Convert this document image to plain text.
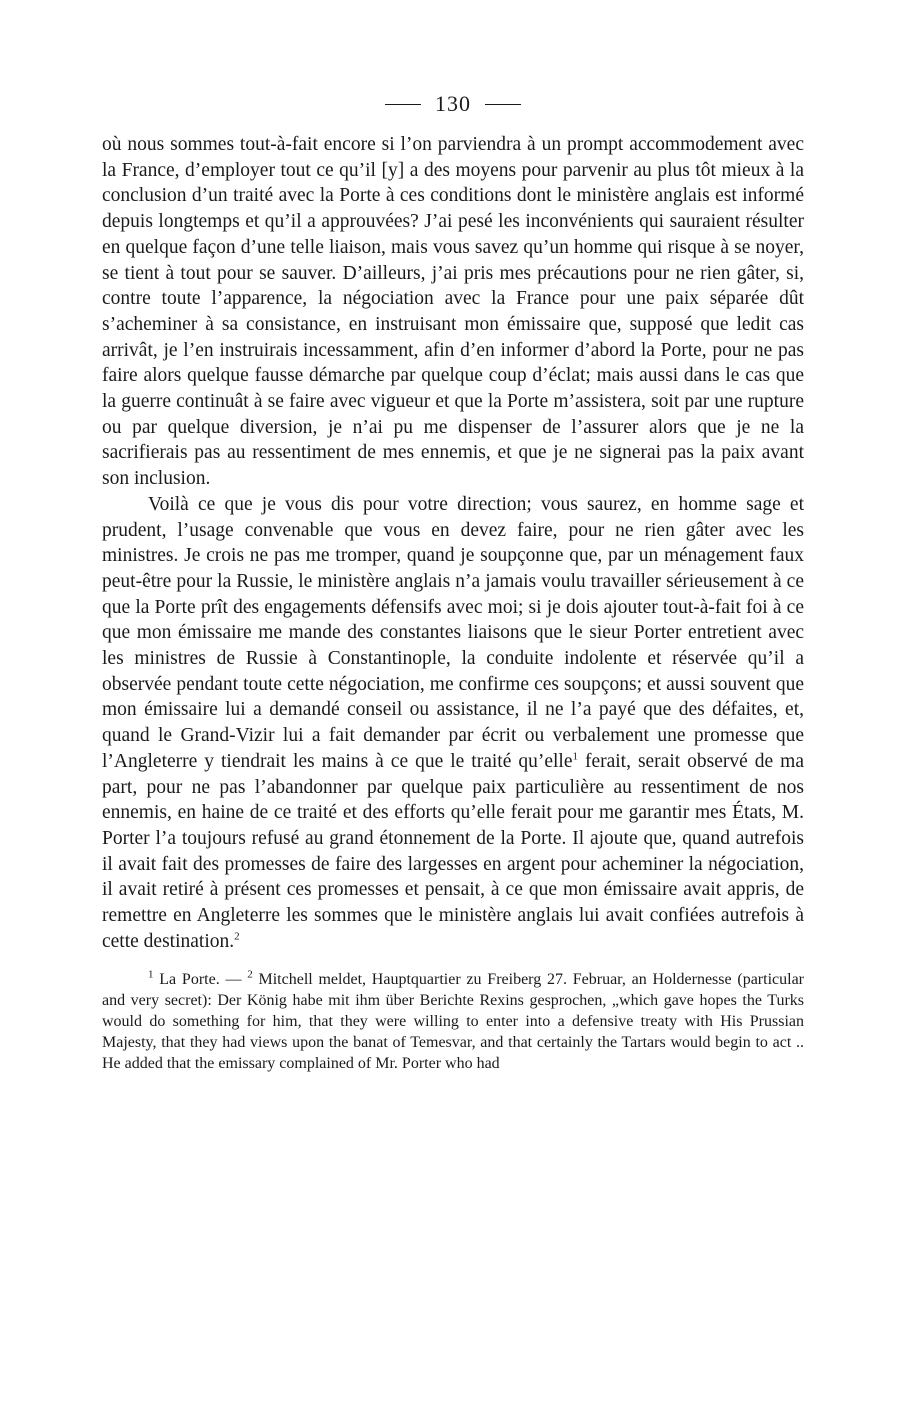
130

où nous sommes tout-à-fait encore si l’on parviendra à un prompt accommodement avec la France, d’employer tout ce qu’il [y] a des moyens pour parvenir au plus tôt mieux à la conclusion d’un traité avec la Porte à ces conditions dont le ministère anglais est informé depuis longtemps et qu’il a approuvées? J’ai pesé les inconvénients qui sauraient résulter en quelque façon d’une telle liaison, mais vous savez qu’un homme qui risque à se noyer, se tient à tout pour se sauver. D’ailleurs, j’ai pris mes précautions pour ne rien gâter, si, contre toute l’apparence, la négociation avec la France pour une paix séparée dût s’acheminer à sa consistance, en instruisant mon émissaire que, supposé que ledit cas arrivât, je l’en instruirais incessamment, afin d’en informer d’abord la Porte, pour ne pas faire alors quelque fausse démarche par quelque coup d’éclat; mais aussi dans le cas que la guerre continuât à se faire avec vigueur et que la Porte m’assistera, soit par une rupture ou par quelque diversion, je n’ai pu me dispenser de l’assurer alors que je ne la sacrifierais pas au ressentiment de mes ennemis, et que je ne signerai pas la paix avant son inclusion.

Voilà ce que je vous dis pour votre direction; vous saurez, en homme sage et prudent, l’usage convenable que vous en devez faire, pour ne rien gâter avec les ministres. Je crois ne pas me tromper, quand je soupçonne que, par un ménagement faux peut-être pour la Russie, le ministère anglais n’a jamais voulu travailler sérieusement à ce que la Porte prît des engagements défensifs avec moi; si je dois ajouter tout-à-fait foi à ce que mon émissaire me mande des constantes liaisons que le sieur Porter entretient avec les ministres de Russie à Constantinople, la conduite indolente et réservée qu’il a observée pendant toute cette négociation, me confirme ces soupçons; et aussi souvent que mon émissaire lui a demandé conseil ou assistance, il ne l’a payé que des défaites, et, quand le Grand-Vizir lui a fait demander par écrit ou verbalement une promesse que l’Angleterre y tiendrait les mains à ce que le traité qu’elle$^1$ ferait, serait observé de ma part, pour ne pas l’abandonner par quelque paix particulière au ressentiment de nos ennemis, en haine de ce traité et des efforts qu’elle ferait pour me garantir mes États, M. Porter l’a toujours refusé au grand étonnement de la Porte. Il ajoute que, quand autrefois il avait fait des promesses de faire des largesses en argent pour acheminer la négociation, il avait retiré à présent ces promesses et pensait, à ce que mon émissaire avait appris, de remettre en Angleterre les sommes que le ministère anglais lui avait confiées autrefois à cette destination.$^2$

$^1$ La Porte. — $^2$ Mitchell meldet, Hauptquartier zu Freiberg 27. Februar, an Holdernesse (particular and very secret): Der König habe mit ihm über Berichte Rexins gesprochen, „which gave hopes the Turks would do something for him, that they were willing to enter into a defensive treaty with His Prussian Majesty, that they had views upon the banat of Temesvar, and that certainly the Tartars would begin to act .. He added that the emissary complained of Mr. Porter who had
